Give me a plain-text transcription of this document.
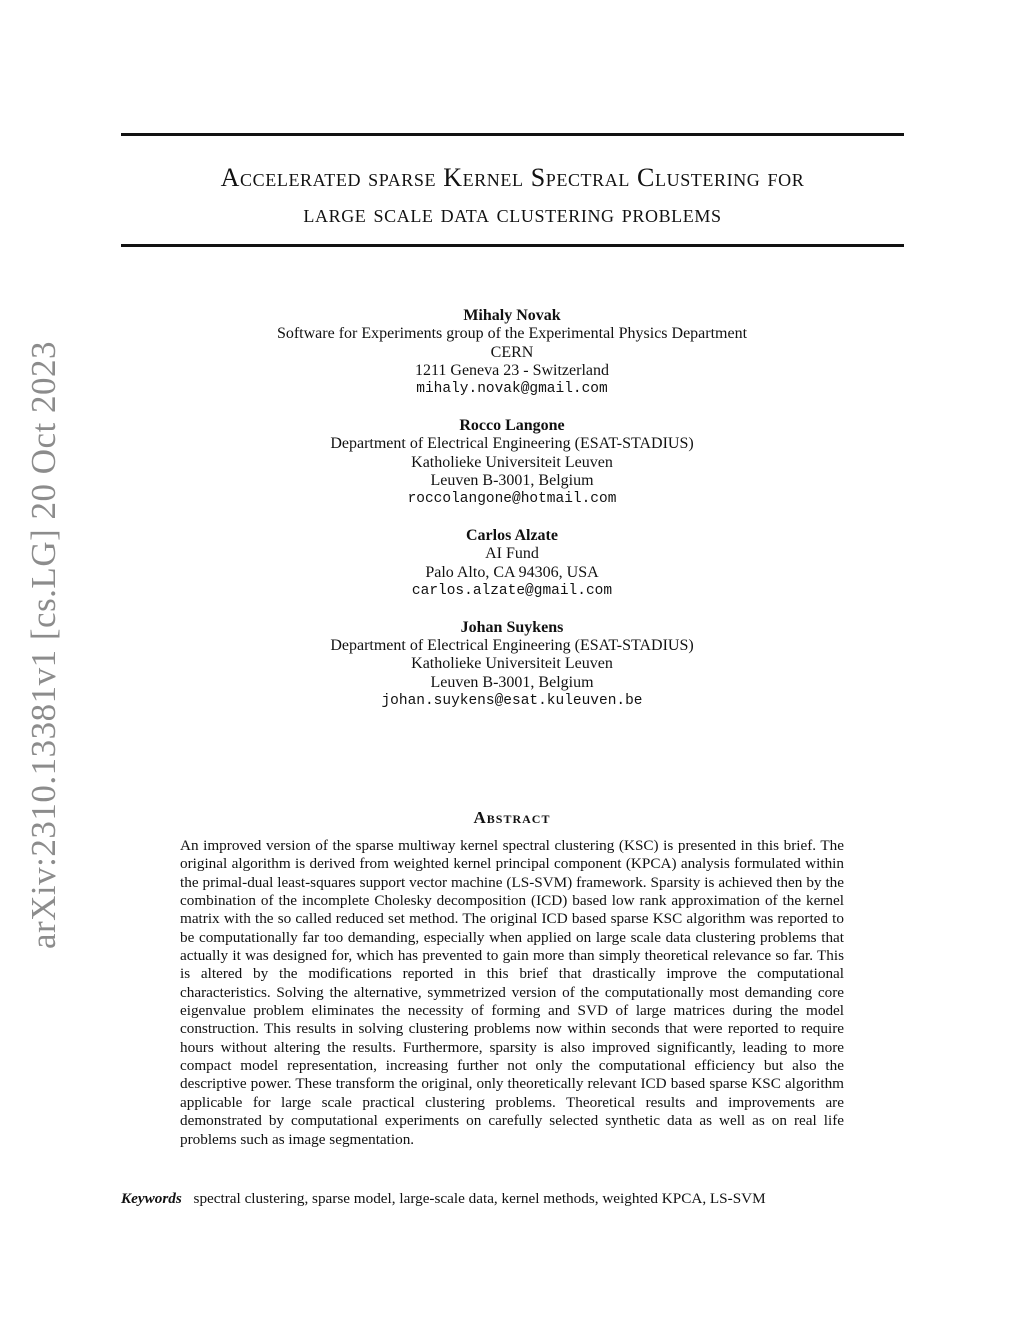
arXiv:2310.13381v1 [cs.LG] 20 Oct 2023
Accelerated sparse Kernel Spectral Clustering for
large scale data clustering problems
Mihaly Novak
Software for Experiments group of the Experimental Physics Department
CERN
1211 Geneva 23 - Switzerland
mihaly.novak@gmail.com
Rocco Langone
Department of Electrical Engineering (ESAT-STADIUS)
Katholieke Universiteit Leuven
Leuven B-3001, Belgium
roccolangone@hotmail.com
Carlos Alzate
AI Fund
Palo Alto, CA 94306, USA
carlos.alzate@gmail.com
Johan Suykens
Department of Electrical Engineering (ESAT-STADIUS)
Katholieke Universiteit Leuven
Leuven B-3001, Belgium
johan.suykens@esat.kuleuven.be
Abstract
An improved version of the sparse multiway kernel spectral clustering (KSC) is presented in this brief. The original algorithm is derived from weighted kernel principal component (KPCA) analysis formulated within the primal-dual least-squares support vector machine (LS-SVM) framework. Sparsity is achieved then by the combination of the incomplete Cholesky decomposition (ICD) based low rank approximation of the kernel matrix with the so called reduced set method. The original ICD based sparse KSC algorithm was reported to be computationally far too demanding, especially when applied on large scale data clustering problems that actually it was designed for, which has prevented to gain more than simply theoretical relevance so far. This is altered by the modifications reported in this brief that drastically improve the computational characteristics. Solving the alternative, symmetrized version of the computationally most demanding core eigenvalue problem eliminates the necessity of forming and SVD of large matrices during the model construction. This results in solving clustering problems now within seconds that were reported to require hours without altering the results. Furthermore, sparsity is also improved significantly, leading to more compact model representation, increasing further not only the computational efficiency but also the descriptive power. These transform the original, only theoretically relevant ICD based sparse KSC algorithm applicable for large scale practical clustering problems. Theoretical results and improvements are demonstrated by computational experiments on carefully selected synthetic data as well as on real life problems such as image segmentation.
Keywords spectral clustering, sparse model, large-scale data, kernel methods, weighted KPCA, LS-SVM
